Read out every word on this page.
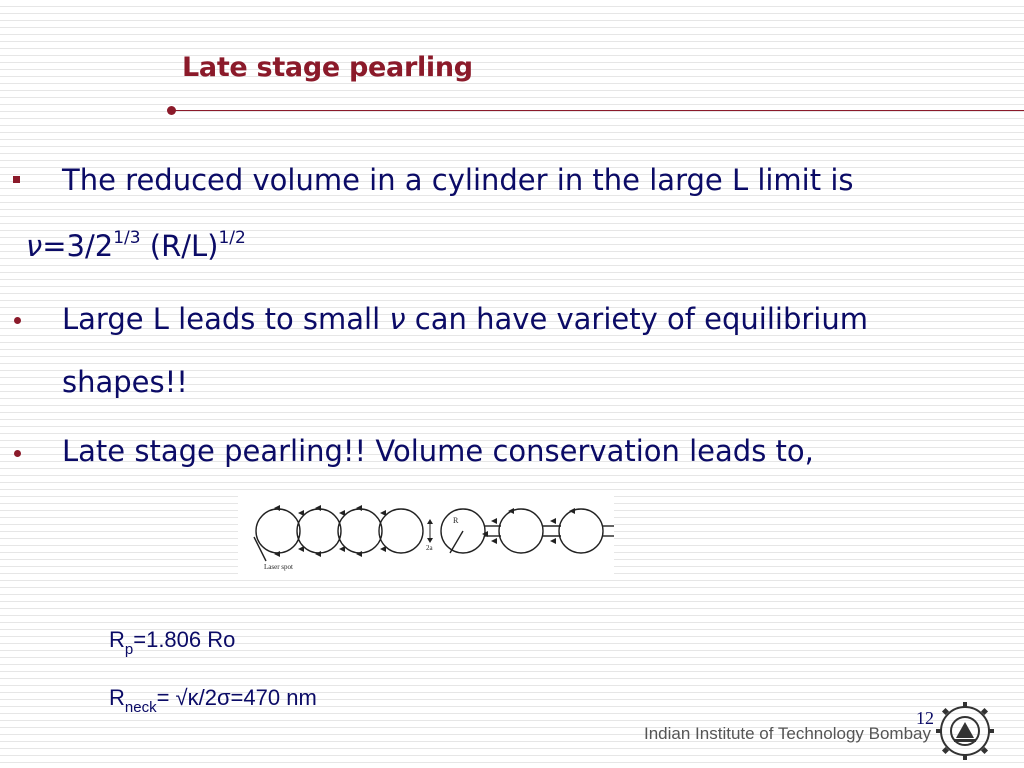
Late stage pearling
The reduced volume in a cylinder in the large L limit is
$\nu=3/2^{1/3}$ $(R/L)^{1/2}$
Large L leads to small ν can have variety of equilibrium
shapes!!
Late stage pearling!! Volume conservation leads to,
R
2a
Laser spot
$R_p=1.806$ Ro
$R_{neck}= √\kappa/2\sigma=470$ nm
12
Indian Institute of Technology Bombay
